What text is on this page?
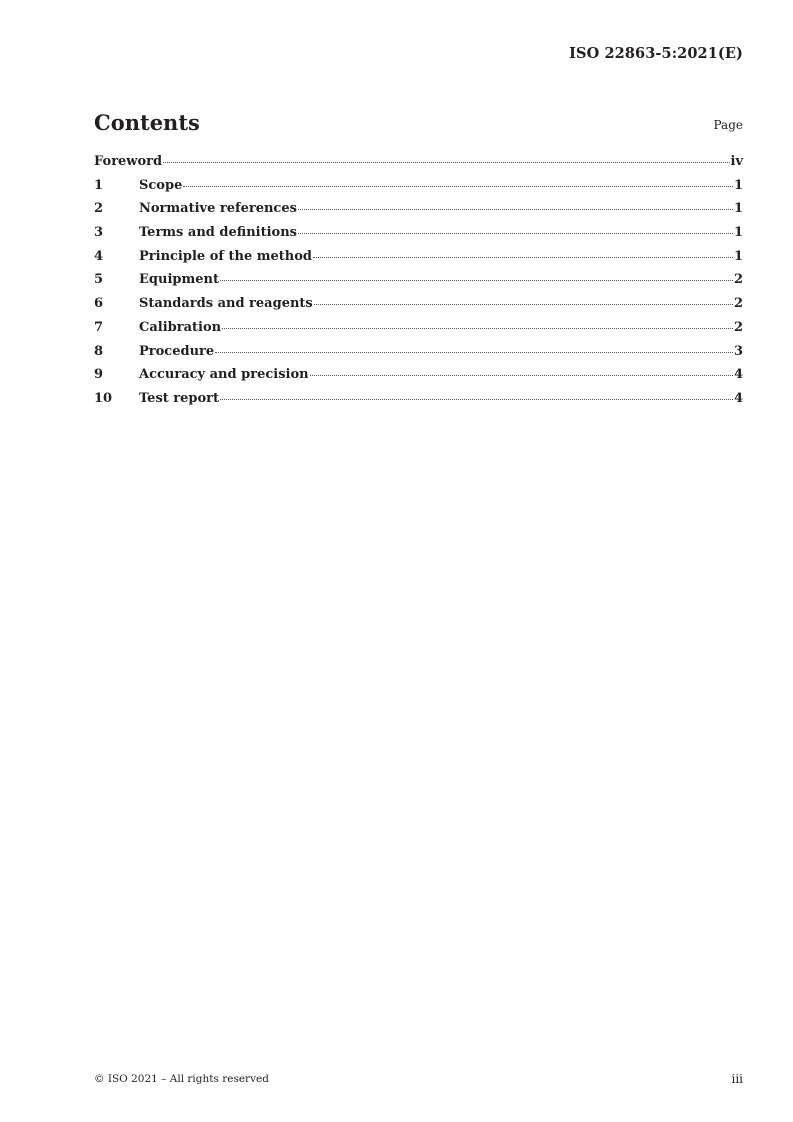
ISO 22863-5:2021(E)
Contents	Page
Foreword	iv
1	Scope	1
2	Normative references	1
3	Terms and definitions	1
4	Principle of the method	1
5	Equipment	2
6	Standards and reagents	2
7	Calibration	2
8	Procedure	3
9	Accuracy and precision	4
10	Test report	4
© ISO 2021 – All rights reserved	iii
